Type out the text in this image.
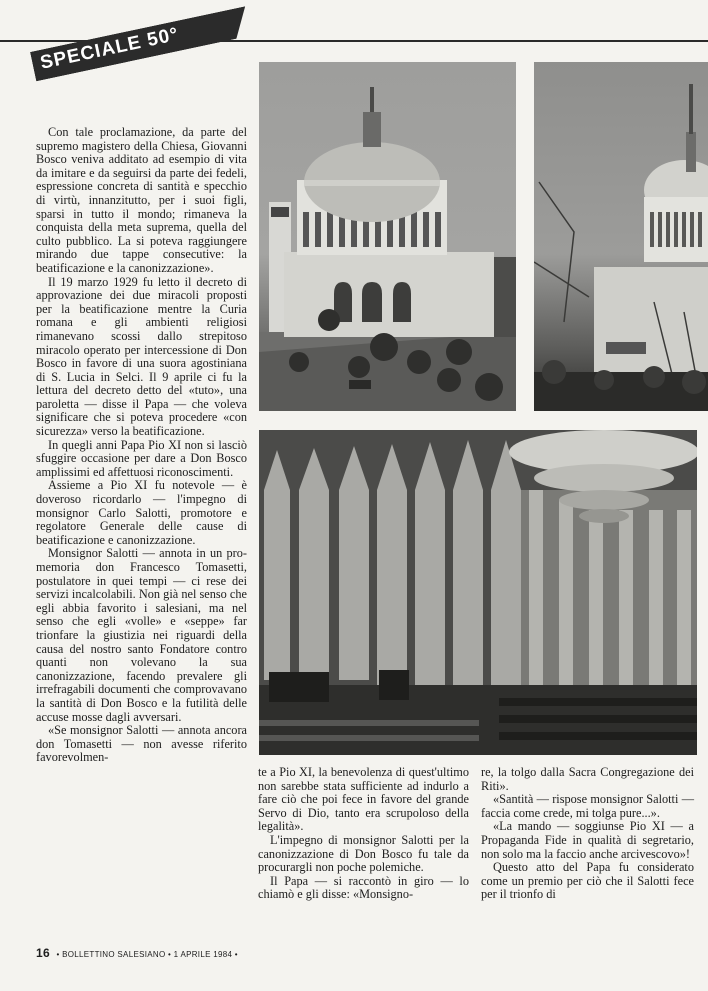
SPECIALE 50°

Con tale proclamazione, da parte del supremo magistero della Chiesa, Giovanni Bosco veniva additato ad esempio di vita da imitare e da seguirsi da parte dei fedeli, espressione concreta di santità e specchio di virtù, innanzitutto, per i suoi figli, sparsi in tutto il mondo; rimaneva la conquista della meta suprema, quella del culto pubblico. La si poteva raggiungere mirando due tappe consecutive: la beatificazione e la canonizzazione».

Il 19 marzo 1929 fu letto il decreto di approvazione dei due miracoli proposti per la beatificazione mentre la Curia romana e gli ambienti religiosi rimanevano scossi dallo strepitoso miracolo operato per intercessione di Don Bosco in favore di una suora agostiniana di S. Lucia in Selci. Il 9 aprile ci fu la lettura del decreto detto del «tuto», una paroletta — disse il Papa — che voleva significare che si poteva procedere «con sicurezza» verso la beatificazione.

In quegli anni Papa Pio XI non si lasciò sfuggire occasione per dare a Don Bosco amplissimi ed affettuosi riconoscimenti.

Assieme a Pio XI fu notevole — è doveroso ricordarlo — l'impegno di monsignor Carlo Salotti, promotore e regolatore Generale delle cause di beatificazione e canonizzazione.

Monsignor Salotti — annota in un pro-memoria don Francesco Tomasetti, postulatore in quei tempi — ci rese dei servizi incalcolabili. Non già nel senso che egli abbia favorito i salesiani, ma nel senso che egli «volle» e «seppe» far trionfare la giustizia nei riguardi della causa del nostro santo Fondatore contro quanti non volevano la sua canonizzazione, facendo prevalere gli irrefragabili documenti che comprovavano la santità di Don Bosco e la futilità delle accuse mosse dagli avversari.

«Se monsignor Salotti — annota ancora don Tomasetti — non avesse riferito favorevolmen-

te a Pio XI, la benevolenza di quest'ultimo non sarebbe stata sufficiente ad indurlo a fare ciò che poi fece in favore del grande Servo di Dio, tanto era scrupoloso della legalità».

L'impegno di monsignor Salotti per la canonizzazione di Don Bosco fu tale da procurargli non poche polemiche.

Il Papa — si raccontò in giro — lo chiamò e gli disse: «Monsigno-

re, la tolgo dalla Sacra Congregazione dei Riti».

«Santità — rispose monsignor Salotti — faccia come crede, mi tolga pure...».

«La mando — soggiunse Pio XI — a Propaganda Fide in qualità di segretario, non solo ma la faccio anche arcivescovo»!

Questo atto del Papa fu considerato come un premio per ciò che il Salotti fece per il trionfo di

16 • BOLLETTINO SALESIANO • 1 APRILE 1984 •
